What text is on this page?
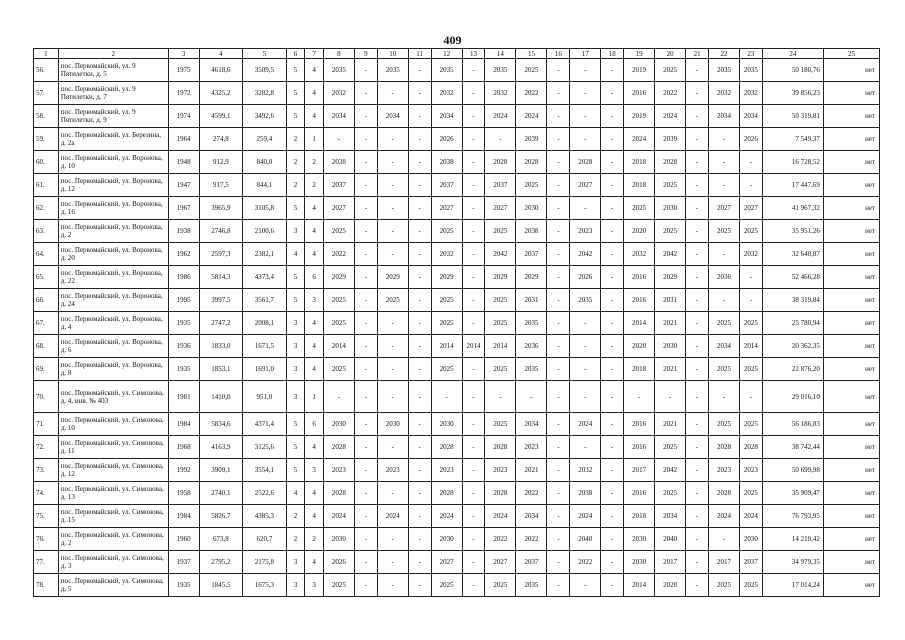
409
1	2	3	4	5	6	7	8	9	10	11	12	13	14	15	16	17	18	19	20	21	22	23	24	25
56.	пос. Первомайский, ул. 9 Пятилетки, д. 5	1975	4618,6	3509,5	5	4	2035	-	2035	-	2035	-	2035	2025	-	-	-	2019	2025	-	2035	2035	50 180,76	нет
57.	пос. Первомайский, ул. 9 Пятилетки, д. 7	1972	4325,2	3282,8	5	4	2032	-	-	-	2032	-	2032	2022	-	-	-	2016	2022	-	2032	2032	39 856,23	нет
58.	пос. Первомайский, ул. 9 Пятилетки, д. 9	1974	4599,1	3492,6	5	4	2034	-	2034	-	2034	-	2024	2024	-	-	-	2019	2024	-	2034	2034	50 319,81	нет
59.	пос. Первомайский, ул. Березина, д. 2а	1964	274,8	259,4	2	1	-	-	-	-	2026	-	-	2039	-	-	-	2024	2039	-	-	2026	7 549,37	нет
60.	пос. Первомайский, ул. Воронова, д. 10	1948	912,9	840,0	2	2	2038	-	-	-	2038	-	2028	2028	-	2028	-	2018	2028	-	-	-	16 728,52	нет
61.	пос. Первомайский, ул. Воронова, д. 12	1947	917,5	844,1	2	2	2037	-	-	-	2037	-	2037	2025	-	2027	-	2018	2025	-	-	-	17 447,69	нет
62.	пос. Первомайский, ул. Воронова, д. 16	1967	3965,9	3105,8	5	4	2027	-	-	-	2027	-	2027	2030	-	-	-	2025	2030	-	2027	2027	41 967,32	нет
63.	пос. Первомайский, ул. Воронова, д. 2	1938	2746,8	2100,6	3	4	2025	-	-	-	2025	-	2025	2038	-	2023	-	2020	2025	-	2025	2025	35 951,26	нет
64.	пос. Первомайский, ул. Воронова, д. 20	1962	2597,3	2382,1	4	4	2022	-	-	-	2032	-	2042	2037	-	2042	-	2032	2042	-	-	2032	32 640,87	нет
65.	пос. Первомайский, ул. Воронова, д. 22	1986	5814,3	4373,4	5	6	2029	-	2029	-	2029	-	2029	2029	-	2026	-	2016	2029	-	2036	-	52 466,28	нет
66.	пос. Первомайский, ул. Воронова, д. 24	1995	3997,5	3561,7	5	3	2025	-	2025	-	2025	-	2025	2031	-	2035	-	2016	2031	-	-	-	38 319,84	нет
67.	пос. Первомайский, ул. Воронова, д. 4	1935	2747,2	2008,1	3	4	2025	-	-	-	2025	-	2025	2035	-	-	-	2014	2021	-	2025	2025	25 780,94	нет
68.	пос. Первомайский, ул. Воронова, д. 6	1936	1833,0	1671,5	3	4	2014	-	-	-	2014	2014	2014	2036	-	-	-	2020	2030	-	2034	2014	20 362,35	нет
69.	пос. Первомайский, ул. Воронова, д. 8	1935	1853,1	1691,0	3	4	2025	-	-	-	2025	-	2025	2035	-	-	-	2018	2021	-	2025	2025	22 876,20	нет
70.	пос. Первомайский, ул. Симонова, д. 4, инв. № 403	1981	1410,0	951,0	3	1	-	-	-	-	-	-	-	-	-	-	-	-	-	-	-	-	29 016,10	нет
71.	пос. Первомайский, ул. Симонова, д. 10	1984	5834,6	4371,4	5	6	2030	-	2030	-	2030	-	2025	2034	-	2024	-	2016	2021	-	2025	2025	56 186,83	нет
72.	пос. Первомайский, ул. Симонова, д. 11	1968	4163,9	3125,6	5	4	2028	-	-	-	2028	-	2028	2023	-	-	-	2016	2025	-	2028	2028	38 742,44	нет
73.	пос. Первомайский, ул. Симонова, д. 12	1992	3909,1	3554,1	5	3	2023	-	2023	-	2023	-	2023	2021	-	2032	-	2017	2042	-	2023	2023	50 699,98	нет
74.	пос. Первомайский, ул. Симонова, д. 13	1958	2740,1	2522,6	4	4	2028	-	-	-	2028	-	2028	2022	-	2038	-	2016	2025	-	2028	2025	35 909,47	нет
75.	пос. Первомайский, ул. Симонова, д. 15	1984	5826,7	4385,3	2	4	2024	-	2024	-	2024	-	2024	2034	-	2024	-	2018	2034	-	2024	2024	76 793,95	нет
76.	пос. Первомайский, ул. Симонова, д. 2	1960	673,8	620,7	2	2	2030	-	-	-	2030	-	2022	2022	-	2040	-	2030	2040	-	-	2030	14 210,42	нет
77.	пос. Первомайский, ул. Симонова, д. 3	1937	2795,2	2175,8	3	4	2026	-	-	-	2027	-	2027	2037	-	2022	-	2030	2017	-	2017	2037	34 979,35	нет
78.	пос. Первомайский, ул. Симонова, д. 5	1935	1845,5	1675,3	3	3	2025	-	-	-	2025	-	2025	2035	-	-	-	2014	2020	-	2025	2025	17 014,24	нет
